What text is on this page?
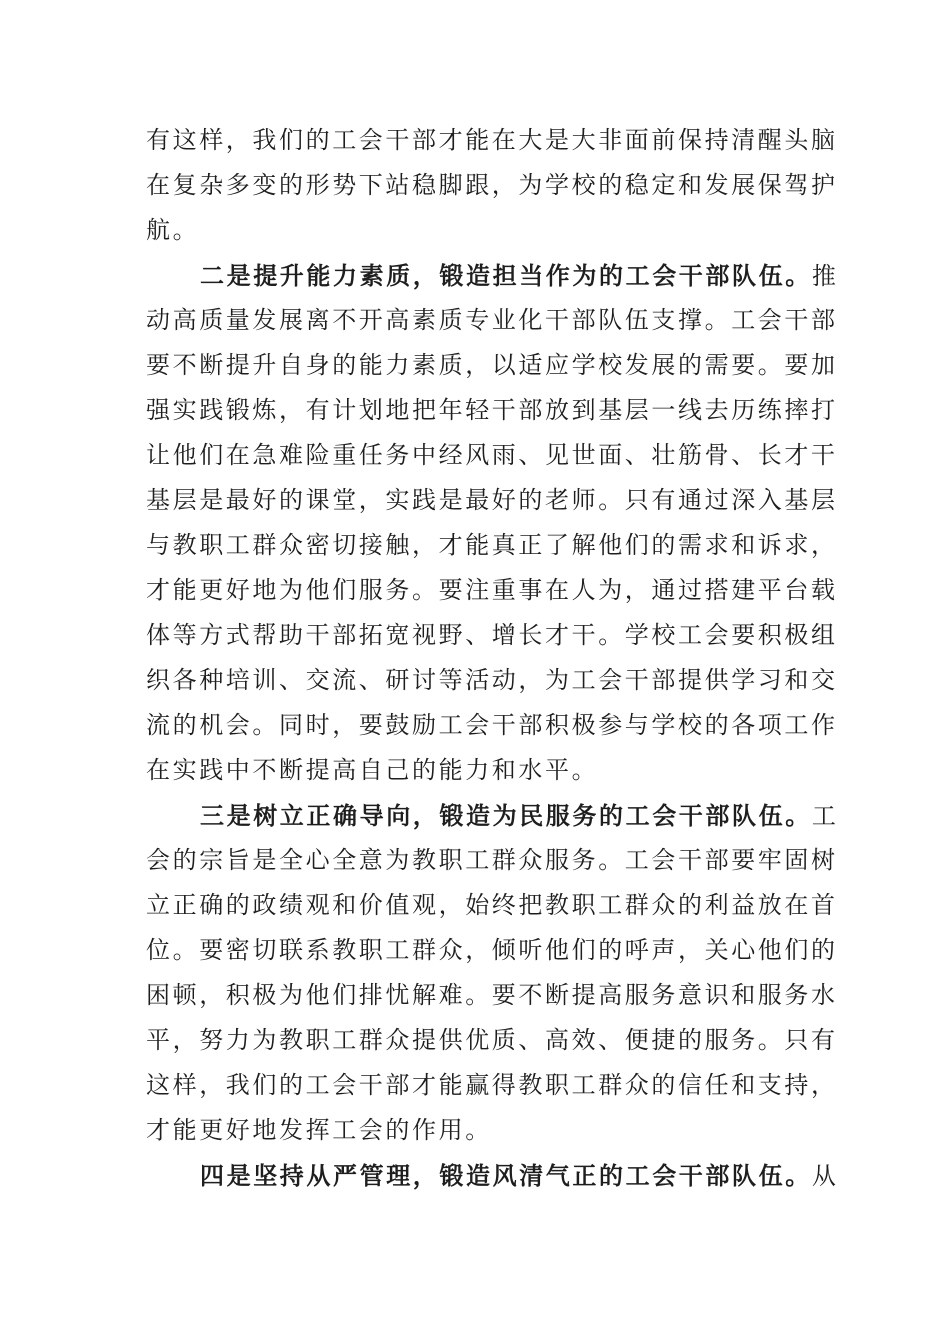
有这样，我们的工会干部才能在大是大非面前保持清醒头脑
在复杂多变的形势下站稳脚跟，为学校的稳定和发展保驾护
航。
二是提升能力素质，锻造担当作为的工会干部队伍。推
动高质量发展离不开高素质专业化干部队伍支撑。工会干部
要不断提升自身的能力素质，以适应学校发展的需要。要加
强实践锻炼，有计划地把年轻干部放到基层一线去历练摔打
让他们在急难险重任务中经风雨、见世面、壮筋骨、长才干
基层是最好的课堂，实践是最好的老师。只有通过深入基层
与教职工群众密切接触，才能真正了解他们的需求和诉求，
才能更好地为他们服务。要注重事在人为，通过搭建平台载
体等方式帮助干部拓宽视野、增长才干。学校工会要积极组
织各种培训、交流、研讨等活动，为工会干部提供学习和交
流的机会。同时，要鼓励工会干部积极参与学校的各项工作
在实践中不断提高自己的能力和水平。
三是树立正确导向，锻造为民服务的工会干部队伍。工
会的宗旨是全心全意为教职工群众服务。工会干部要牢固树
立正确的政绩观和价值观，始终把教职工群众的利益放在首
位。要密切联系教职工群众，倾听他们的呼声，关心他们的
困顿，积极为他们排忧解难。要不断提高服务意识和服务水
平，努力为教职工群众提供优质、高效、便捷的服务。只有
这样，我们的工会干部才能赢得教职工群众的信任和支持，
才能更好地发挥工会的作用。
四是坚持从严管理，锻造风清气正的工会干部队伍。从
